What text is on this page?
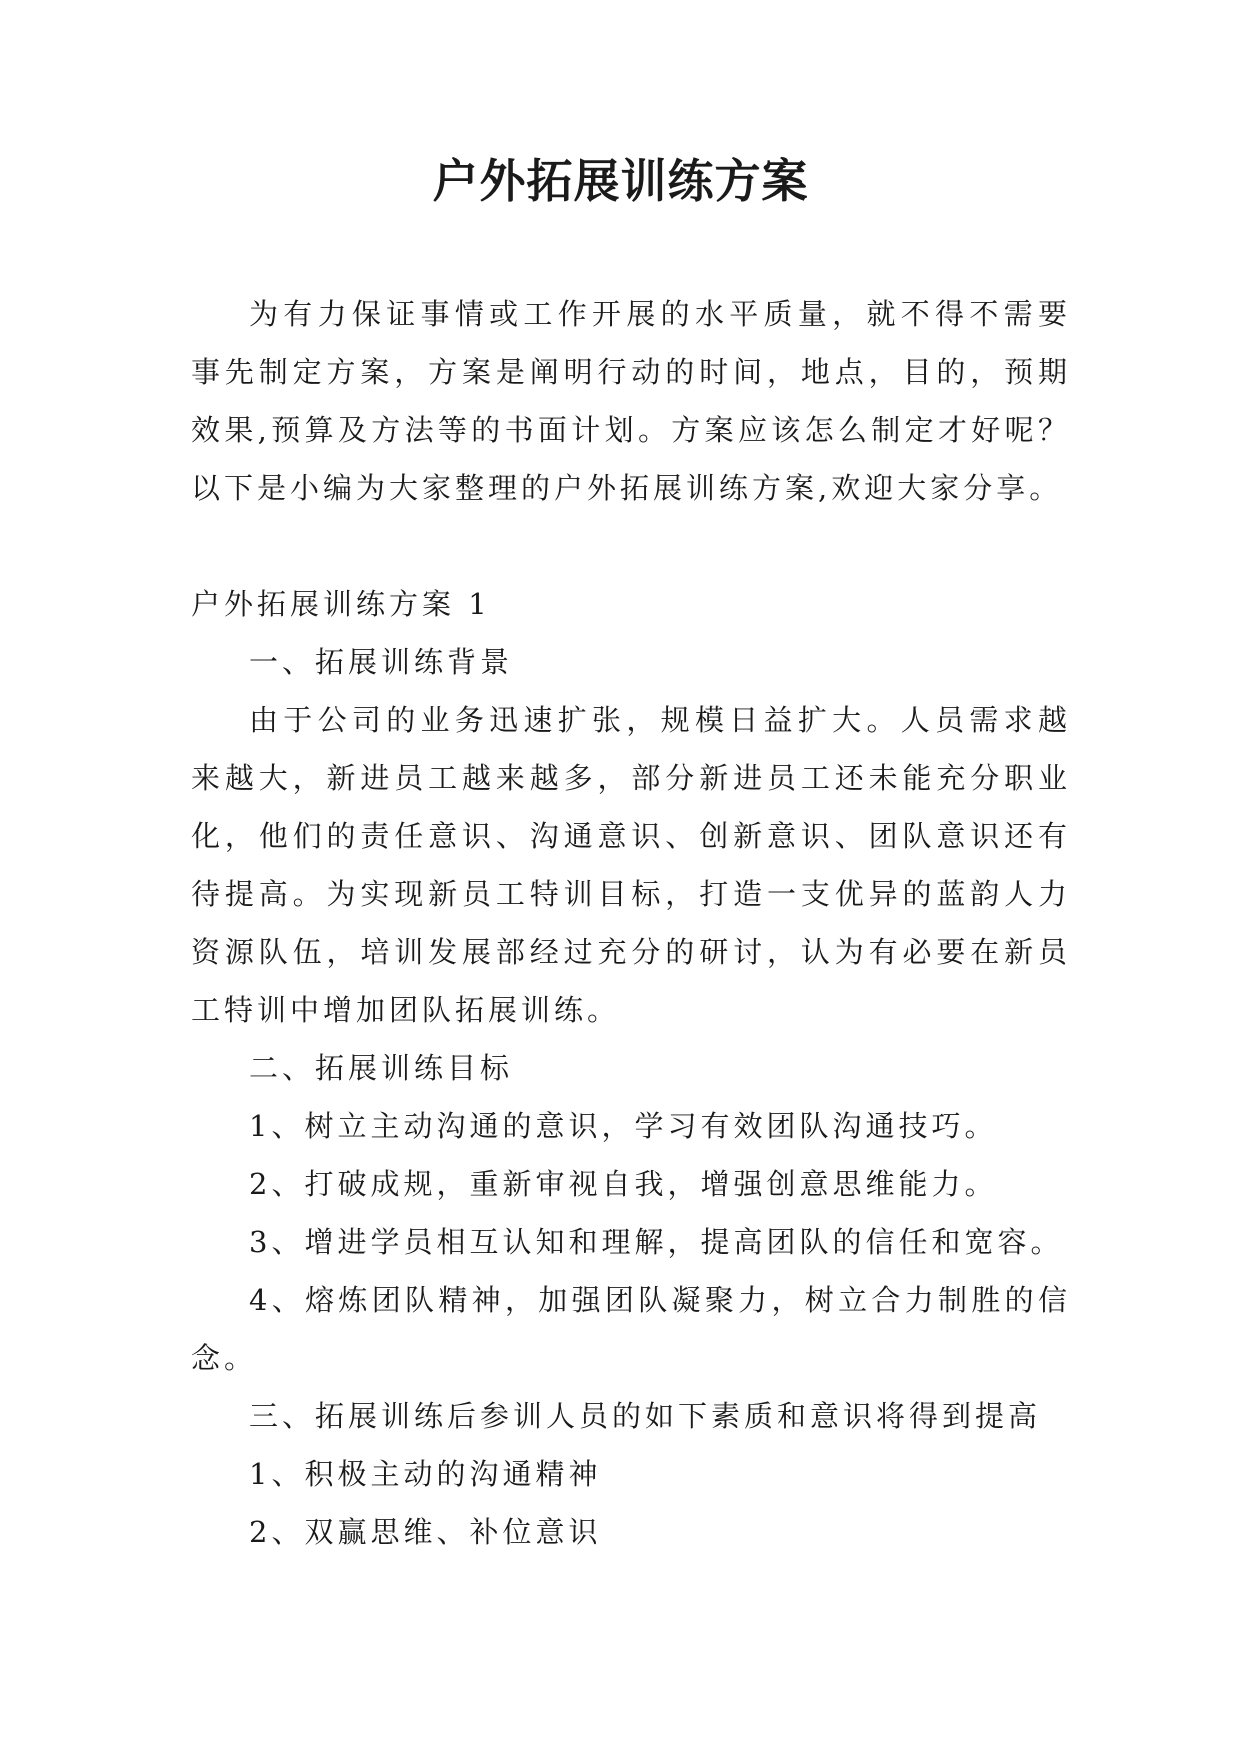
户外拓展训练方案

为有力保证事情或工作开展的水平质量，就不得不需要事先制定方案，方案是阐明行动的时间，地点，目的，预期效果,预算及方法等的书面计划。方案应该怎么制定才好呢？以下是小编为大家整理的户外拓展训练方案,欢迎大家分享。

户外拓展训练方案 1

一、拓展训练背景

由于公司的业务迅速扩张，规模日益扩大。人员需求越来越大，新进员工越来越多，部分新进员工还未能充分职业化，他们的责任意识、沟通意识、创新意识、团队意识还有待提高。为实现新员工特训目标，打造一支优异的蓝韵人力资源队伍，培训发展部经过充分的研讨，认为有必要在新员工特训中增加团队拓展训练。

二、拓展训练目标

1、树立主动沟通的意识，学习有效团队沟通技巧。

2、打破成规，重新审视自我，增强创意思维能力。

3、增进学员相互认知和理解，提高团队的信任和宽容。

4、熔炼团队精神，加强团队凝聚力，树立合力制胜的信念。

三、拓展训练后参训人员的如下素质和意识将得到提高

1、积极主动的沟通精神

2、双赢思维、补位意识
